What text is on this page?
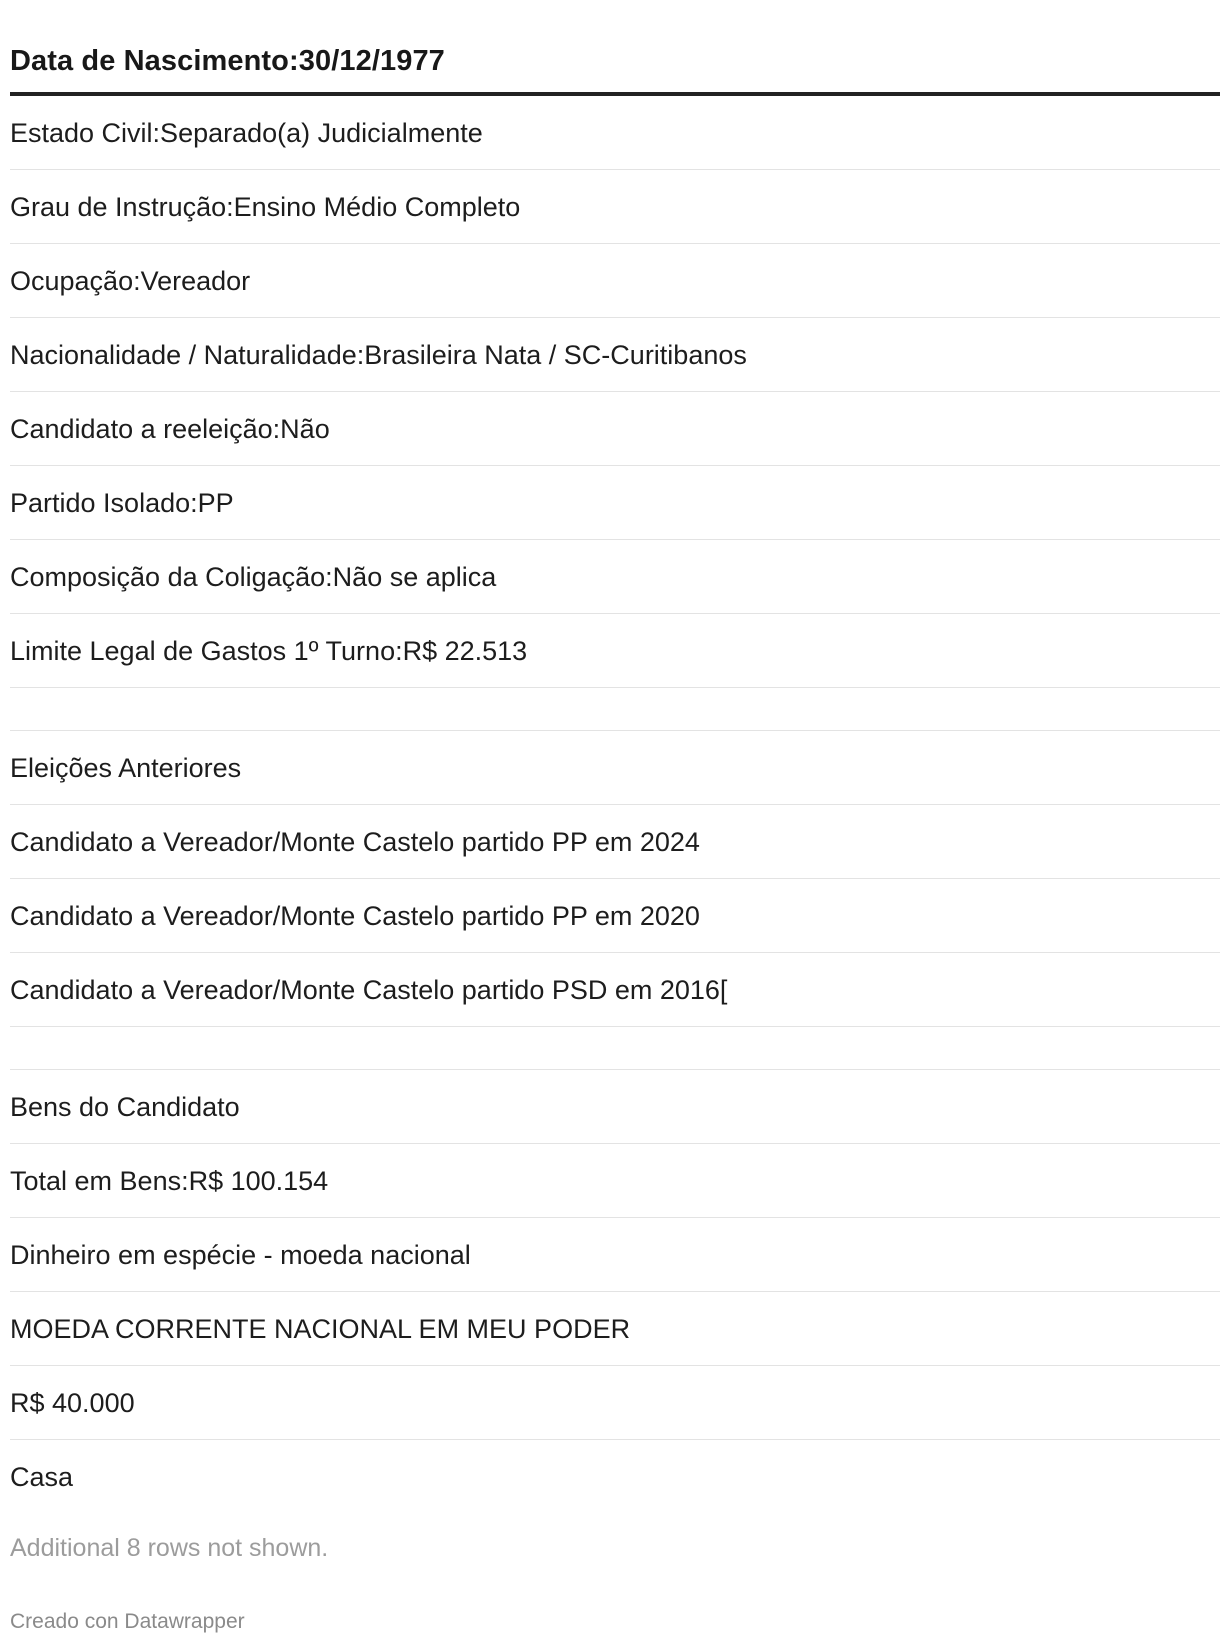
Data de Nascimento:30/12/1977
Estado Civil:Separado(a) Judicialmente
Grau de Instrução:Ensino Médio Completo
Ocupação:Vereador
Nacionalidade / Naturalidade:Brasileira Nata / SC-Curitibanos
Candidato a reeleição:Não
Partido Isolado:PP
Composição da Coligação:Não se aplica
Limite Legal de Gastos 1º Turno:R$ 22.513
Eleições Anteriores
Candidato a Vereador/Monte Castelo partido PP em 2024
Candidato a Vereador/Monte Castelo partido PP em 2020
Candidato a Vereador/Monte Castelo partido PSD em 2016[
Bens do Candidato
Total em Bens:R$ 100.154
Dinheiro em espécie - moeda nacional
MOEDA CORRENTE NACIONAL EM MEU PODER
R$ 40.000
Casa
Additional 8 rows not shown.
Creado con Datawrapper
